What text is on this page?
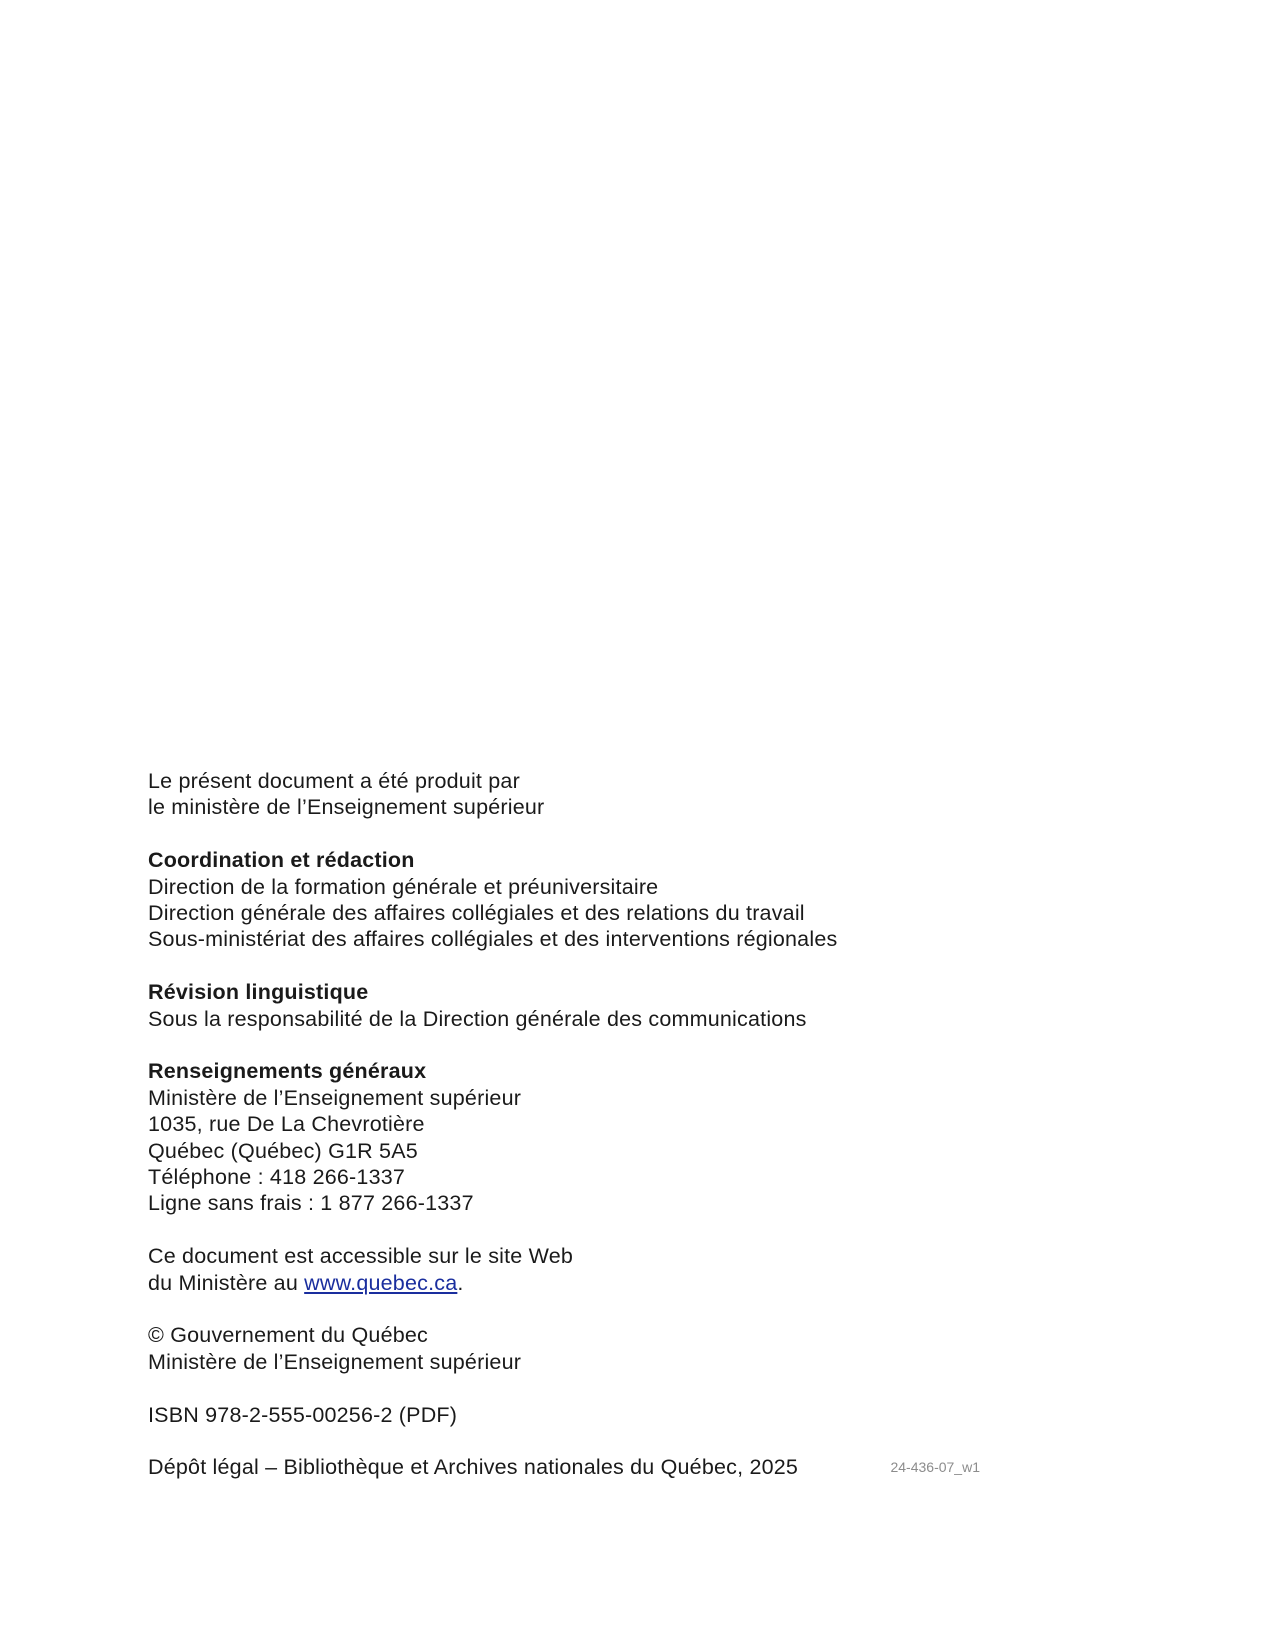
Le présent document a été produit par
le ministère de l’Enseignement supérieur
Coordination et rédaction
Direction de la formation générale et préuniversitaire
Direction générale des affaires collégiales et des relations du travail
Sous-ministériat des affaires collégiales et des interventions régionales
Révision linguistique
Sous la responsabilité de la Direction générale des communications
Renseignements généraux
Ministère de l’Enseignement supérieur
1035, rue De La Chevrotière
Québec (Québec) G1R 5A5
Téléphone : 418 266-1337
Ligne sans frais : 1 877 266-1337
Ce document est accessible sur le site Web
du Ministère au www.quebec.ca.
© Gouvernement du Québec
Ministère de l’Enseignement supérieur
ISBN 978-2-555-00256-2 (PDF)
Dépôt légal – Bibliothèque et Archives nationales du Québec, 2025	24-436-07_w1
